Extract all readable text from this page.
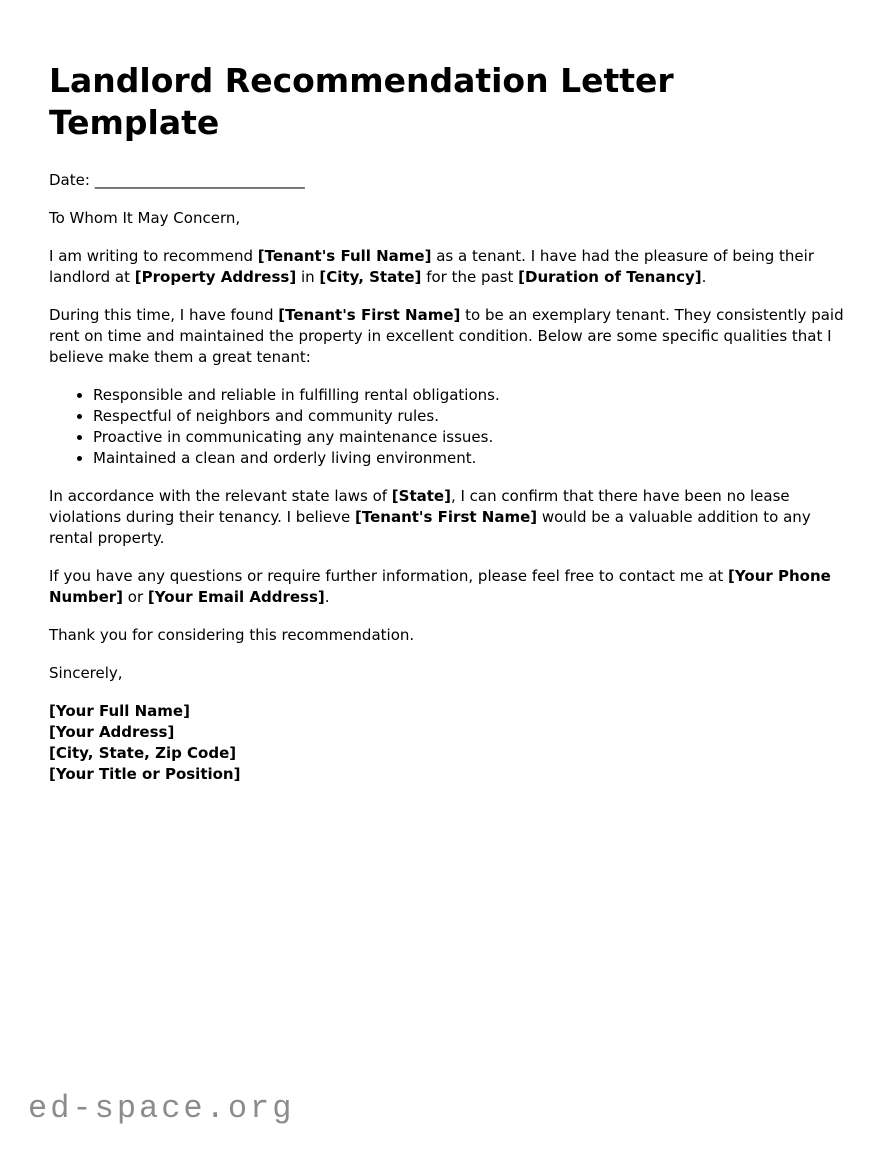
Landlord Recommendation Letter Template

Date: ____________________________

To Whom It May Concern,

I am writing to recommend [Tenant's Full Name] as a tenant. I have had the pleasure of being their landlord at [Property Address] in [City, State] for the past [Duration of Tenancy].

During this time, I have found [Tenant's First Name] to be an exemplary tenant. They consistently paid rent on time and maintained the property in excellent condition. Below are some specific qualities that I believe make them a great tenant:

• Responsible and reliable in fulfilling rental obligations.
• Respectful of neighbors and community rules.
• Proactive in communicating any maintenance issues.
• Maintained a clean and orderly living environment.

In accordance with the relevant state laws of [State], I can confirm that there have been no lease violations during their tenancy. I believe [Tenant's First Name] would be a valuable addition to any rental property.

If you have any questions or require further information, please feel free to contact me at [Your Phone Number] or [Your Email Address].

Thank you for considering this recommendation.

Sincerely,

[Your Full Name]
[Your Address]
[City, State, Zip Code]
[Your Title or Position]
ed-space.org
